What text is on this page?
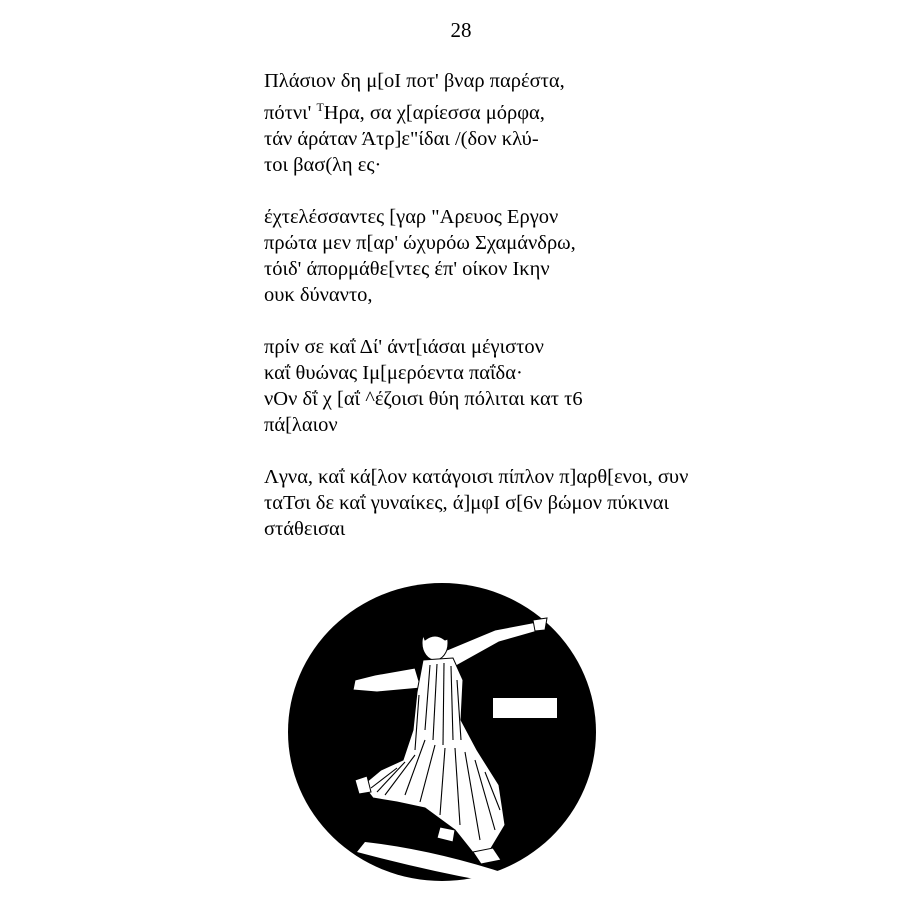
28
Πλάσιον δη μ[οΙ ποτ' βναρ παρέστα,
πότνι' $^T$Ηρα, σα χ[αρίεσσα μόρφα,
τάν άράταν Άτρ]ε"ίδαι /(δον κλύ-
τοι βασ(λη ες·
έχτελέσσαντες [γαρ "Αρευος Εργον
πρώτα μεν π[αρ' ώχυρόω Σχαμάνδρω,
τόιδ' άπορμάθε[ντες έπ' οίκον Ικην
ουκ δύναντο,
πρίν σε καΐ Δί' άντ[ιάσαι μέγιστον
καΐ θυώνας Ιμ[μερόεντα παΐδα·
νΟν δΐ χ [αΐ ^έζοισι θύη πόλιται κατ τ6
πά[λαιον
Λγνα, καΐ κά[λον κατάγοισι πίπλον π]αρθ[ενοι, συν
ταΤσι δε καΐ γυναίκες, ά]μφΙ σ[6ν βώμον πύκιναι
στάθεισαι
